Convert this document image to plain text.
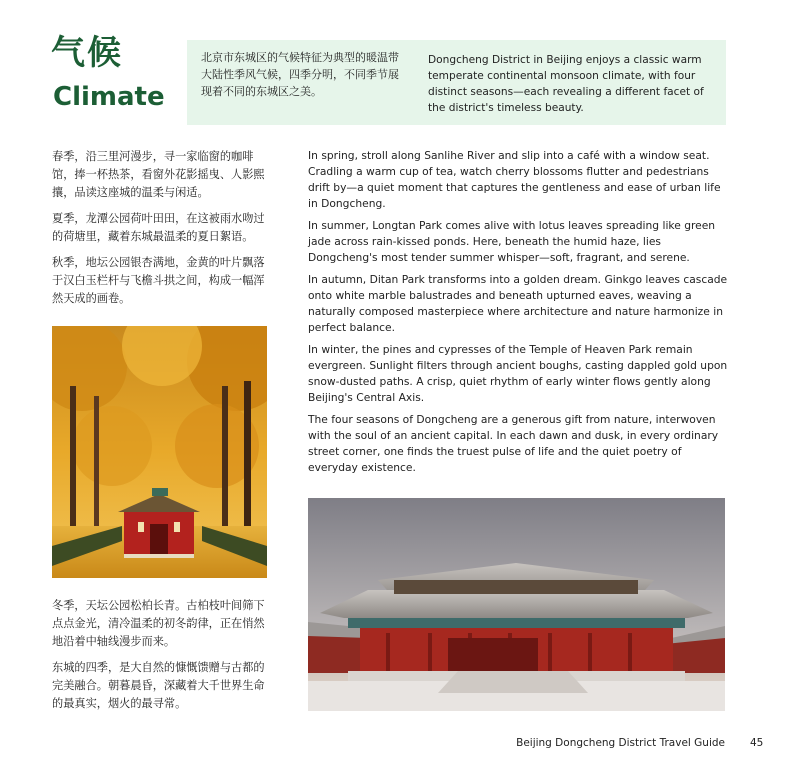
气候
Climate
北京市东城区的气候特征为典型的暖温带大陆性季风气候，四季分明，不同季节展现着不同的东城区之美。
Dongcheng District in Beijing enjoys a classic warm temperate continental monsoon climate, with four distinct seasons—each revealing a different facet of the district's timeless beauty.

春季，沿三里河漫步，寻一家临窗的咖啡馆，捧一杯热茶，看窗外花影摇曳、人影熙攘，品读这座城的温柔与闲适。

夏季，龙潭公园荷叶田田，在这被雨水吻过的荷塘里，藏着东城最温柔的夏日絮语。

秋季，地坛公园银杏满地，金黄的叶片飘落于汉白玉栏杆与飞檐斗拱之间，构成一幅浑然天成的画卷。

冬季，天坛公园松柏长青。古柏枝叶间筛下点点金光，清冷温柔的初冬韵律，正在悄然地沿着中轴线漫步而来。

东城的四季，是大自然的慷慨馈赠与古都的完美融合。朝暮晨昏，深藏着大千世界生命的最真实，烟火的最寻常。

In spring, stroll along Sanlihe River and slip into a café with a window seat. Cradling a warm cup of tea, watch cherry blossoms flutter and pedestrians drift by—a quiet moment that captures the gentleness and ease of urban life in Dongcheng.

In summer, Longtan Park comes alive with lotus leaves spreading like green jade across rain-kissed ponds. Here, beneath the humid haze, lies Dongcheng's most tender summer whisper—soft, fragrant, and serene.

In autumn, Ditan Park transforms into a golden dream. Ginkgo leaves cascade onto white marble balustrades and beneath upturned eaves, weaving a naturally composed masterpiece where architecture and nature harmonize in perfect balance.

In winter, the pines and cypresses of the Temple of Heaven Park remain evergreen. Sunlight filters through ancient boughs, casting dappled gold upon snow-dusted paths. A crisp, quiet rhythm of early winter flows gently along Beijing's Central Axis.

The four seasons of Dongcheng are a generous gift from nature, interwoven with the soul of an ancient capital. In each dawn and dusk, in every ordinary street corner, one finds the truest pulse of life and the quiet poetry of everyday existence.

Beijing Dongcheng District Travel Guide 45
